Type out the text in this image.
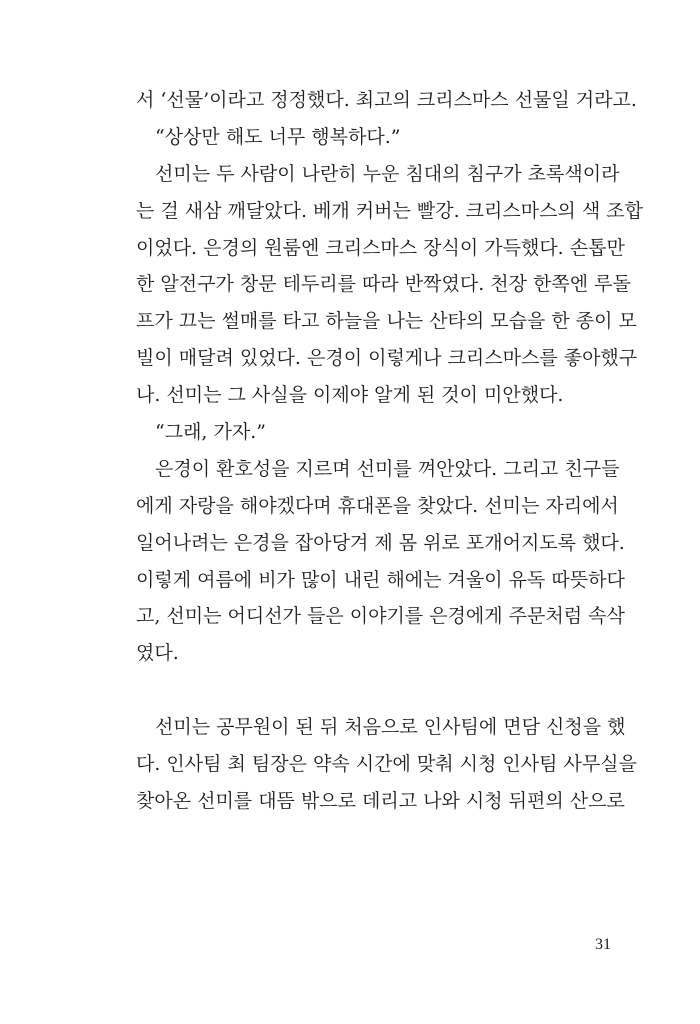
서 ‘선물’이라고 정정했다. 최고의 크리스마스 선물일 거라고.
“상상만 해도 너무 행복하다.”
선미는 두 사람이 나란히 누운 침대의 침구가 초록색이라
는 걸 새삼 깨달았다. 베개 커버는 빨강. 크리스마스의 색 조합
이었다. 은경의 원룸엔 크리스마스 장식이 가득했다. 손톱만
한 알전구가 창문 테두리를 따라 반짝였다. 천장 한쪽엔 루돌
프가 끄는 썰매를 타고 하늘을 나는 산타의 모습을 한 종이 모
빌이 매달려 있었다. 은경이 이렇게나 크리스마스를 좋아했구
나. 선미는 그 사실을 이제야 알게 된 것이 미안했다.
“그래, 가자.”
은경이 환호성을 지르며 선미를 껴안았다. 그리고 친구들
에게 자랑을 해야겠다며 휴대폰을 찾았다. 선미는 자리에서
일어나려는 은경을 잡아당겨 제 몸 위로 포개어지도록 했다.
이렇게 여름에 비가 많이 내린 해에는 겨울이 유독 따뜻하다
고, 선미는 어디선가 들은 이야기를 은경에게 주문처럼 속삭
였다.
선미는 공무원이 된 뒤 처음으로 인사팀에 면담 신청을 했
다. 인사팀 최 팀장은 약속 시간에 맞춰 시청 인사팀 사무실을
찾아온 선미를 대뜸 밖으로 데리고 나와 시청 뒤편의 산으로
31
